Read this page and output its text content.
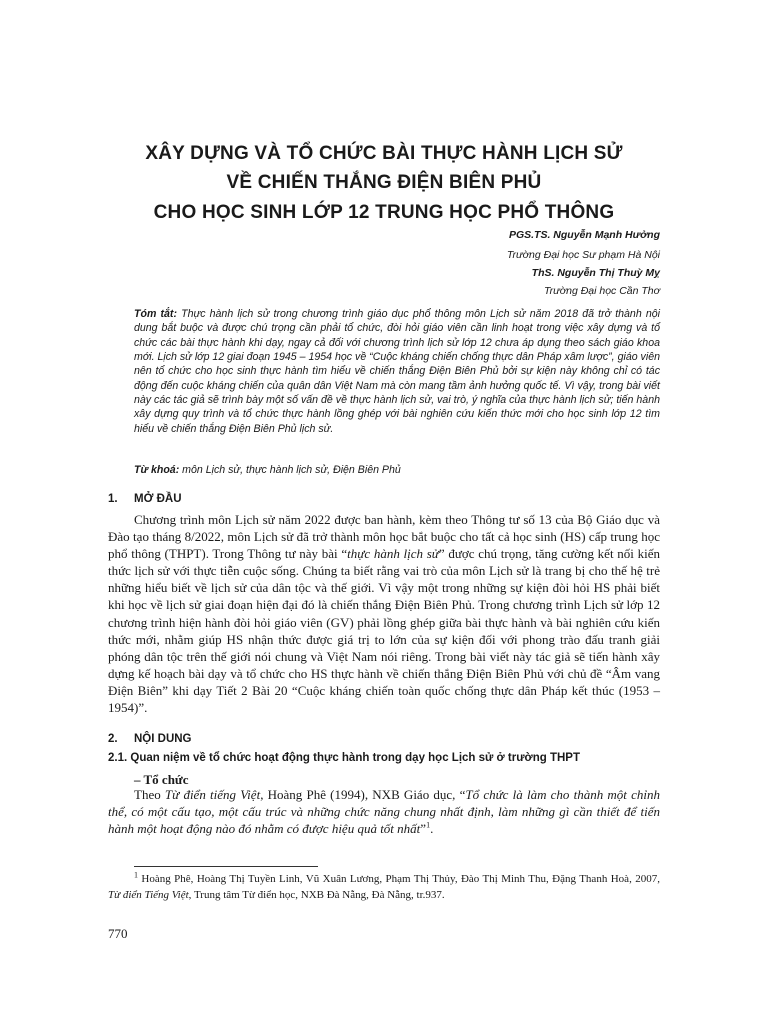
XÂY DỰNG VÀ TỔ CHỨC BÀI THỰC HÀNH LỊCH SỬ
VỀ CHIẾN THẮNG ĐIỆN BIÊN PHỦ
CHO HỌC SINH LỚP 12 TRUNG HỌC PHỔ THÔNG
PGS.TS. Nguyễn Mạnh Hưởng
Trường Đại học Sư phạm Hà Nội
ThS. Nguyễn Thị Thuỳ Mỵ
Trường Đại học Cần Thơ
Tóm tắt: Thực hành lịch sử trong chương trình giáo dục phổ thông môn Lịch sử năm 2018 đã trở thành nội dung bắt buộc và được chú trọng cần phải tổ chức, đòi hỏi giáo viên cần linh hoạt trong việc xây dựng và tổ chức các bài thực hành khi dạy, ngay cả đối với chương trình lịch sử lớp 12 chưa áp dụng theo sách giáo khoa mới. Lịch sử lớp 12 giai đoạn 1945 – 1954 học về “Cuộc kháng chiến chống thực dân Pháp xâm lược”, giáo viên nên tổ chức cho học sinh thực hành tìm hiểu về chiến thắng Điện Biên Phủ bởi sự kiện này không chỉ có tác động đến cuộc kháng chiến của quân dân Việt Nam mà còn mang tầm ảnh hưởng quốc tế. Vì vậy, trong bài viết này các tác giả sẽ trình bày một số vấn đề về thực hành lịch sử, vai trò, ý nghĩa của thực hành lịch sử; tiến hành xây dựng quy trình và tổ chức thực hành lồng ghép với bài nghiên cứu kiến thức mới cho học sinh lớp 12 tìm hiểu về chiến thắng Điện Biên Phủ lịch sử.
Từ khoá: môn Lịch sử, thực hành lịch sử, Điện Biên Phủ
1. MỞ ĐẦU
Chương trình môn Lịch sử năm 2022 được ban hành, kèm theo Thông tư số 13 của Bộ Giáo dục và Đào tạo tháng 8/2022, môn Lịch sử đã trở thành môn học bắt buộc cho tất cả học sinh (HS) cấp trung học phổ thông (THPT). Trong Thông tư này bài “thực hành lịch sử” được chú trọng, tăng cường kết nối kiến thức lịch sử với thực tiễn cuộc sống. Chúng ta biết rằng vai trò của môn Lịch sử là trang bị cho thế hệ trẻ những hiểu biết về lịch sử của dân tộc và thế giới. Vì vậy một trong những sự kiện đòi hỏi HS phải biết khi học về lịch sử giai đoạn hiện đại đó là chiến thắng Điện Biên Phủ. Trong chương trình Lịch sử lớp 12 chương trình hiện hành đòi hỏi giáo viên (GV) phải lồng ghép giữa bài thực hành và bài nghiên cứu kiến thức mới, nhằm giúp HS nhận thức được giá trị to lớn của sự kiện đối với phong trào đấu tranh giải phóng dân tộc trên thế giới nói chung và Việt Nam nói riêng. Trong bài viết này tác giả sẽ tiến hành xây dựng kế hoạch bài dạy và tổ chức cho HS thực hành về chiến thắng Điện Biên Phủ với chủ đề “Âm vang Điện Biên” khi dạy Tiết 2 Bài 20 “Cuộc kháng chiến toàn quốc chống thực dân Pháp kết thúc (1953 – 1954)”.
2. NỘI DUNG
2.1. Quan niệm về tổ chức hoạt động thực hành trong dạy học Lịch sử ở trường THPT
– Tổ chức
Theo Từ điển tiếng Việt, Hoàng Phê (1994), NXB Giáo dục, “Tổ chức là làm cho thành một chỉnh thể, có một cấu tạo, một cấu trúc và những chức năng chung nhất định, làm những gì cần thiết để tiến hành một hoạt động nào đó nhằm có được hiệu quả tốt nhất”$^1$.
$^1$ Hoàng Phê, Hoàng Thị Tuyền Linh, Vũ Xuân Lương, Phạm Thị Thủy, Đào Thị Minh Thu, Đặng Thanh Hoà, 2007, Từ điển Tiếng Việt, Trung tâm Từ điển học, NXB Đà Nẵng, Đà Nẵng, tr.937.
770
